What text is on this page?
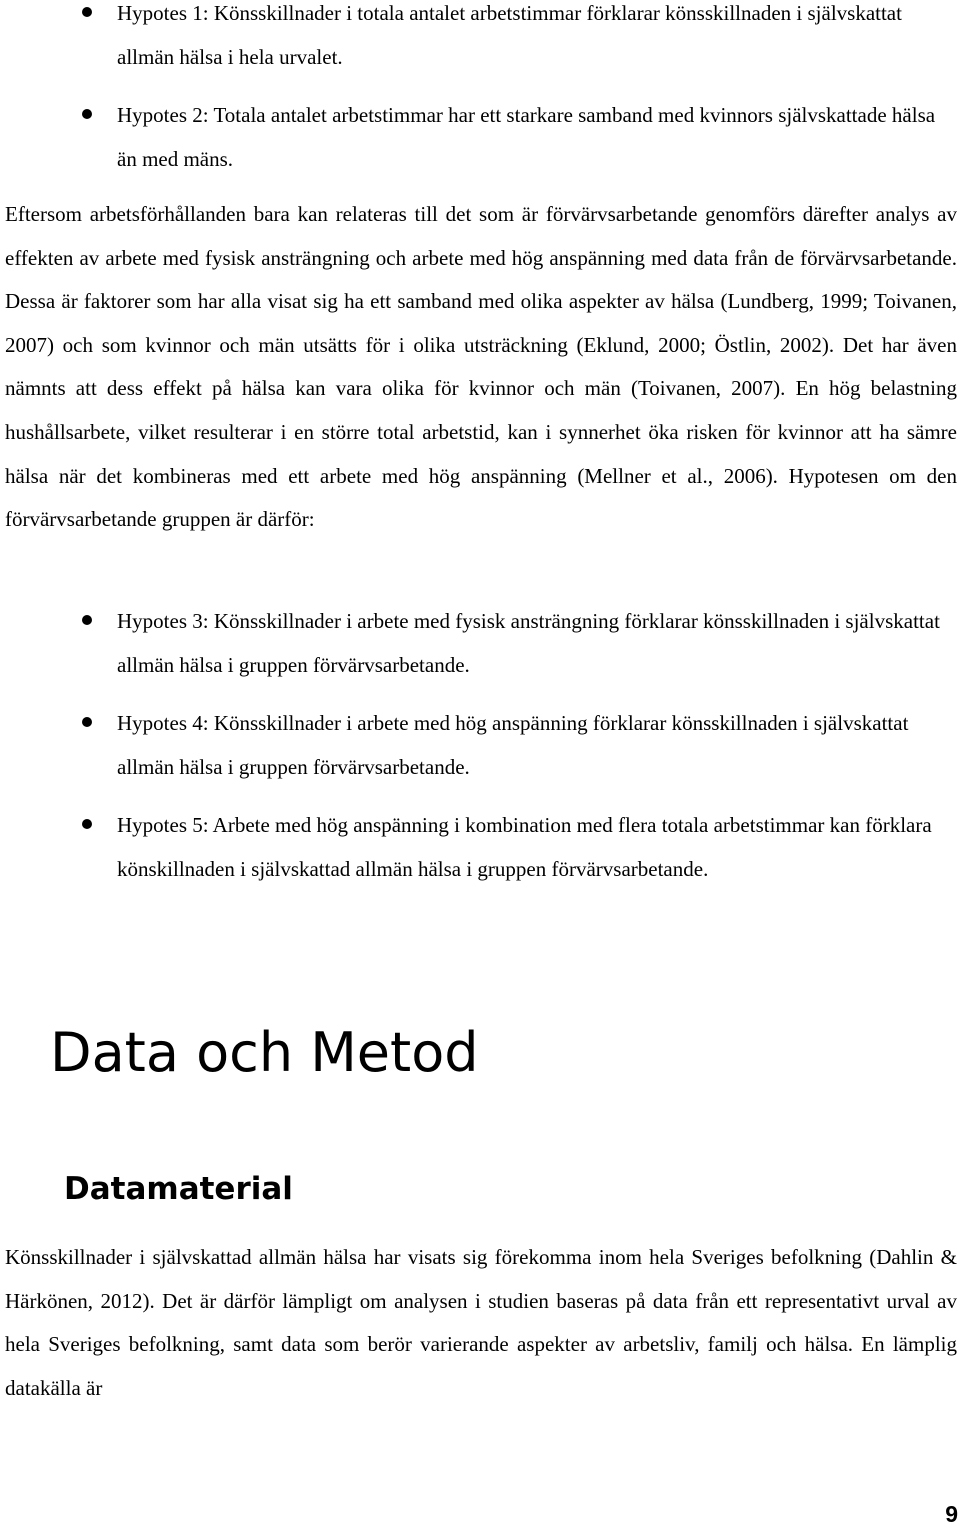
Hypotes 1: Könsskillnader i totala antalet arbetstimmar förklarar könsskillnaden i självskattat allmän hälsa i hela urvalet.
Hypotes 2: Totala antalet arbetstimmar har ett starkare samband med kvinnors självskattade hälsa än med mäns.

Eftersom arbetsförhållanden bara kan relateras till det som är förvärvsarbetande genomförs därefter analys av effekten av arbete med fysisk ansträngning och arbete med hög anspänning med data från de förvärvsarbetande. Dessa är faktorer som har alla visat sig ha ett samband med olika aspekter av hälsa (Lundberg, 1999; Toivanen, 2007) och som kvinnor och män utsätts för i olika utsträckning (Eklund, 2000; Östlin, 2002). Det har även nämnts att dess effekt på hälsa kan vara olika för kvinnor och män (Toivanen, 2007). En hög belastning hushållsarbete, vilket resulterar i en större total arbetstid, kan i synnerhet öka risken för kvinnor att ha sämre hälsa när det kombineras med ett arbete med hög anspänning (Mellner et al., 2006). Hypotesen om den förvärvsarbetande gruppen är därför:

Hypotes 3: Könsskillnader i arbete med fysisk ansträngning förklarar könsskillnaden i självskattat allmän hälsa i gruppen förvärvsarbetande.
Hypotes 4: Könsskillnader i arbete med hög anspänning förklarar könsskillnaden i självskattat allmän hälsa i gruppen förvärvsarbetande.
Hypotes 5: Arbete med hög anspänning i kombination med flera totala arbetstimmar kan förklara könskillnaden i självskattad allmän hälsa i gruppen förvärvsarbetande.
Data och Metod
Datamaterial

Könsskillnader i självskattad allmän hälsa har visats sig förekomma inom hela Sveriges befolkning (Dahlin & Härkönen, 2012). Det är därför lämpligt om analysen i studien baseras på data från ett representativt urval av hela Sveriges befolkning, samt data som berör varierande aspekter av arbetsliv, familj och hälsa. En lämplig datakälla är

9
